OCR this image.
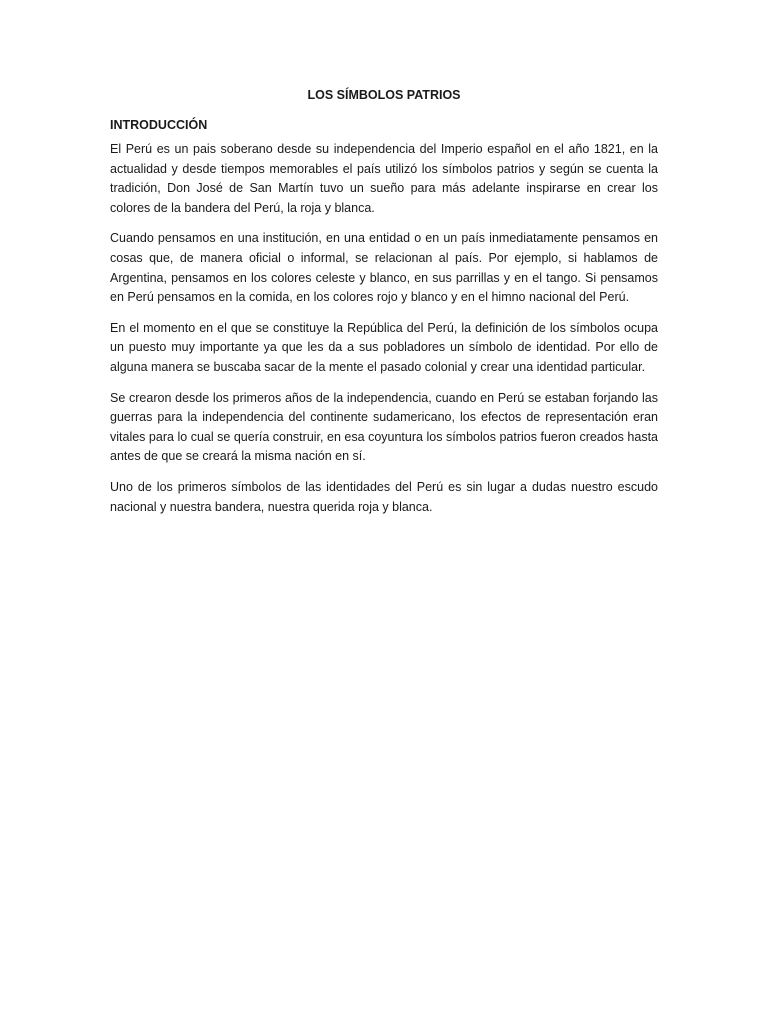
LOS SÍMBOLOS PATRIOS
INTRODUCCIÓN

El Perú es un pais soberano desde su independencia del Imperio español en el año 1821, en la actualidad y desde tiempos memorables el país utilizó los símbolos patrios y según se cuenta la tradición, Don José de San Martín tuvo un sueño para más adelante inspirarse en crear los colores de la bandera del Perú, la roja y blanca.

Cuando pensamos en una institución, en una entidad o en un país inmediatamente pensamos en cosas que, de manera oficial o informal, se relacionan al país. Por ejemplo, si hablamos de Argentina, pensamos en los colores celeste y blanco, en sus parrillas y en el tango. Si pensamos en Perú pensamos en la comida, en los colores rojo y blanco y en el himno nacional del Perú.

En el momento en el que se constituye la República del Perú, la definición de los símbolos ocupa un puesto muy importante ya que les da a sus pobladores un símbolo de identidad. Por ello de alguna manera se buscaba sacar de la mente el pasado colonial y crear una identidad particular.

Se crearon desde los primeros años de la independencia, cuando en Perú se estaban forjando las guerras para la independencia del continente sudamericano, los efectos de representación eran vitales para lo cual se quería construir, en esa coyuntura los símbolos patrios fueron creados hasta antes de que se creará la misma nación en sí.

Uno de los primeros símbolos de las identidades del Perú es sin lugar a dudas nuestro escudo nacional y nuestra bandera, nuestra querida roja y blanca.
